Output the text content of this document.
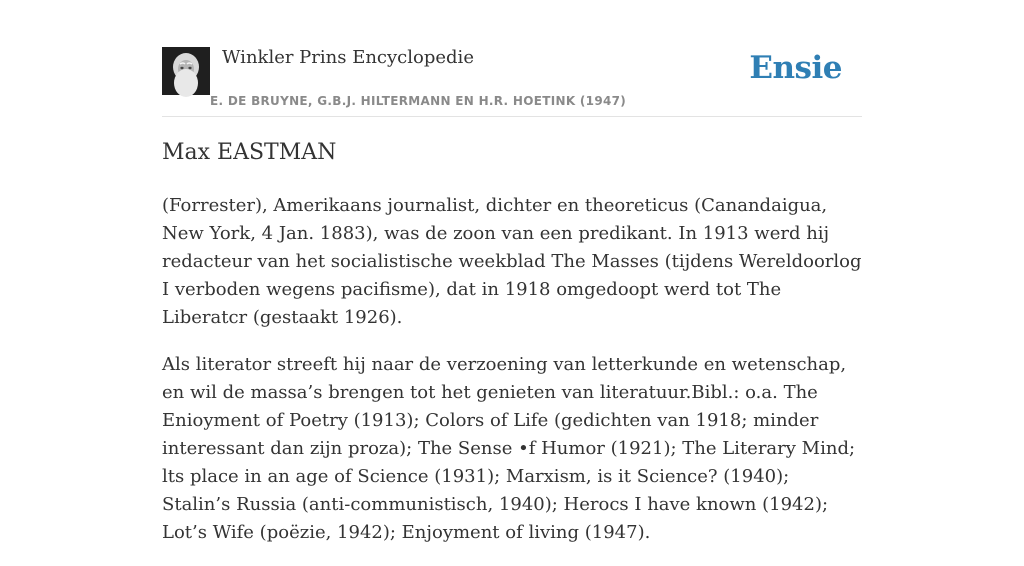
Winkler Prins Encyclopedie
E. DE BRUYNE, G.B.J. HILTERMANN EN H.R. HOETINK (1947)
Ensie
Max EASTMAN

(Forrester), Amerikaans journalist, dichter en theoreticus (Canandaigua, New York, 4 Jan. 1883), was de zoon van een predikant. In 1913 werd hij redacteur van het socialistische weekblad The Masses (tijdens Wereldoorlog I verboden wegens pacifisme), dat in 1918 omgedoopt werd tot The Liberatcr (gestaakt 1926).

Als literator streeft hij naar de verzoening van letterkunde en wetenschap, en wil de massa’s brengen tot het genieten van literatuur.Bibl.: o.a. The Enioyment of Poetry (1913); Colors of Life (gedichten van 1918; minder interessant dan zijn proza); The Sense •f Humor (1921); The Literary Mind; lts place in an age of Science (1931); Marxism, is it Science? (1940); Stalin’s Russia (anti-communistisch, 1940); Herocs I have known (1942); Lot’s Wife (poëzie, 1942); Enjoyment of living (1947).
